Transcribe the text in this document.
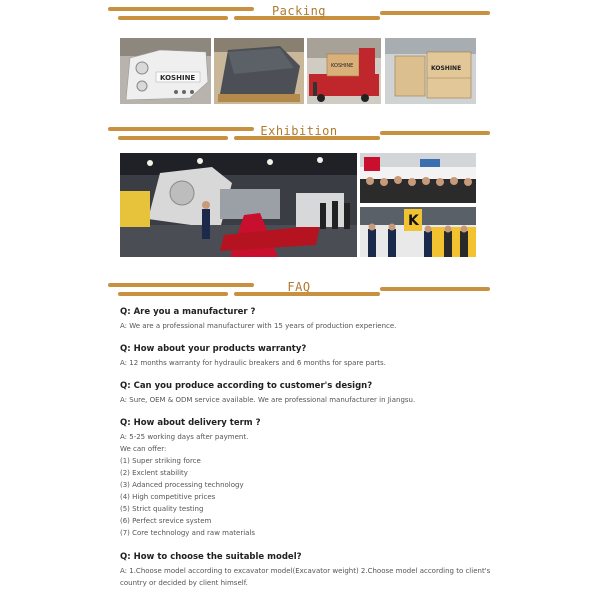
Packing
KOSHINE
KOSHINE	KOSHINE
Exhibition
K
FAQ

Q: Are you a manufacturer ?

A: We are a professional manufacturer with 15 years of production experience.

Q: How about your products warranty?

A: 12 months warranty for hydraulic breakers and 6 months for spare parts.

Q: Can you produce according to customer's design?

A: Sure, OEM & ODM service available. We are professional manufacturer in Jiangsu.

Q: How about delivery term ?

A: 5-25 working days after payment.

We can offer:

(1) Super striking force

(2) Exclent stability

(3) Adanced processing technology

(4) High competitive prices

(5) Strict quality testing

(6) Perfect srevice system

(7) Core technology and raw materials

Q: How to choose the suitable model?

A: 1.Choose model according to excavator model(Excavator weight) 2.Choose model according to client's country or decided by client himself.
